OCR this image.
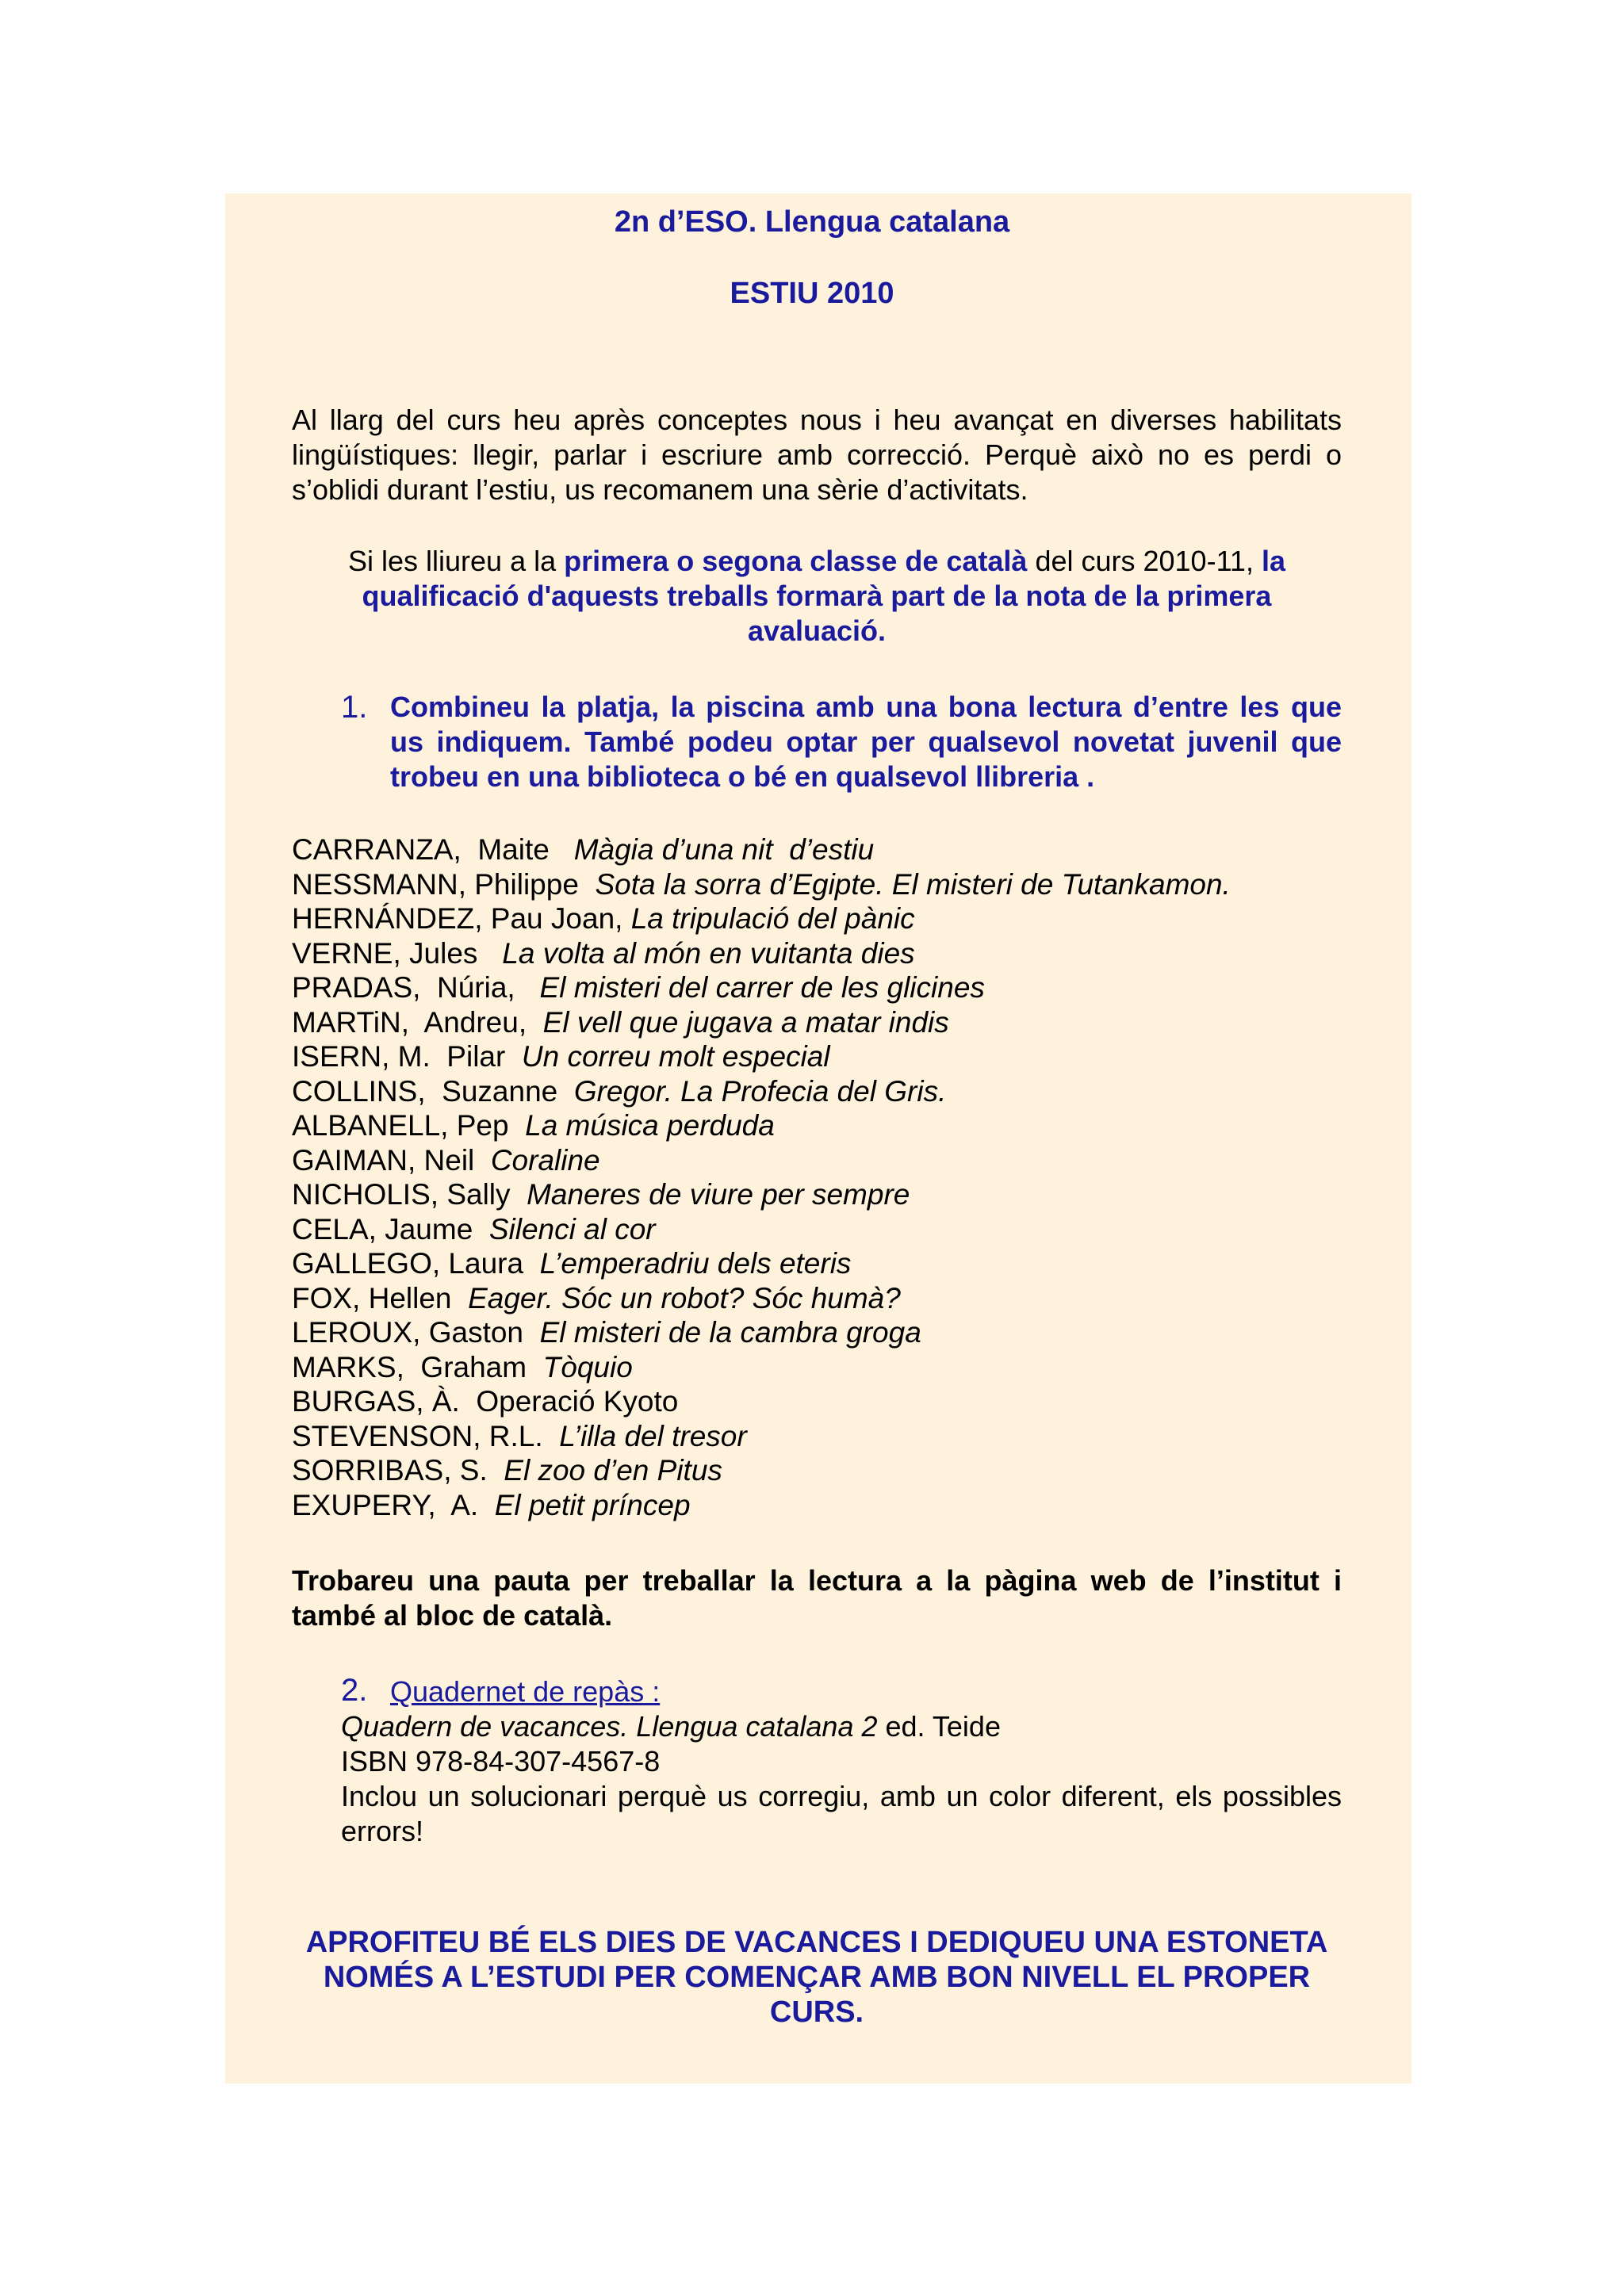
2n d’ESO. Llengua catalana
ESTIU 2010
Al llarg del curs heu après conceptes nous i heu avançat en diverses habilitats lingüístiques: llegir, parlar i escriure amb correcció. Perquè això no es perdi o s’oblidi durant l’estiu, us recomanem una sèrie d’activitats.
Si les lliureu a la primera o segona classe de català del curs 2010-11, la qualificació d'aquests treballs formarà part de la nota de la primera avaluació.
1. Combineu la platja, la piscina amb una bona lectura d’entre les que us indiquem. També podeu optar per qualsevol novetat juvenil que trobeu en una biblioteca o bé en qualsevol llibreria .
CARRANZA,  Maite   Màgia d’una nit  d’estiu
NESSMANN, Philippe  Sota la sorra d’Egipte. El misteri de Tutankamon.
HERNÁNDEZ, Pau Joan, La tripulació del pànic
VERNE, Jules   La volta al món en vuitanta dies
PRADAS,  Núria,   El misteri del carrer de les glicines
MARTiN,  Andreu,  El vell que jugava a matar indis
ISERN, M.  Pilar  Un correu molt especial
COLLINS,  Suzanne  Gregor. La Profecia del Gris.
ALBANELL, Pep  La música perduda
GAIMAN, Neil  Coraline
NICHOLIS, Sally  Maneres de viure per sempre
CELA, Jaume  Silenci al cor
GALLEGO, Laura  L’emperadriu dels eteris
FOX, Hellen  Eager. Sóc un robot? Sóc humà?
LEROUX, Gaston  El misteri de la cambra groga
MARKS,  Graham  Tòquio
BURGAS, À.  Operació Kyoto
STEVENSON, R.L.  L’illa del tresor
SORRIBAS, S.  El zoo d’en Pitus
EXUPERY,  A.  El petit príncep
Trobareu una pauta per treballar la lectura a la pàgina web de l’institut i també al bloc de català.
2. Quadernet de repàs :
Quadern de vacances. Llengua catalana 2 ed. Teide
ISBN 978-84-307-4567-8
Inclou un solucionari perquè us corregiu, amb un color diferent, els possibles errors!
APROFITEU BÉ ELS DIES DE VACANCES I DEDIQUEU UNA ESTONETA NOMÉS A L’ESTUDI PER COMENÇAR AMB BON NIVELL EL PROPER CURS.
